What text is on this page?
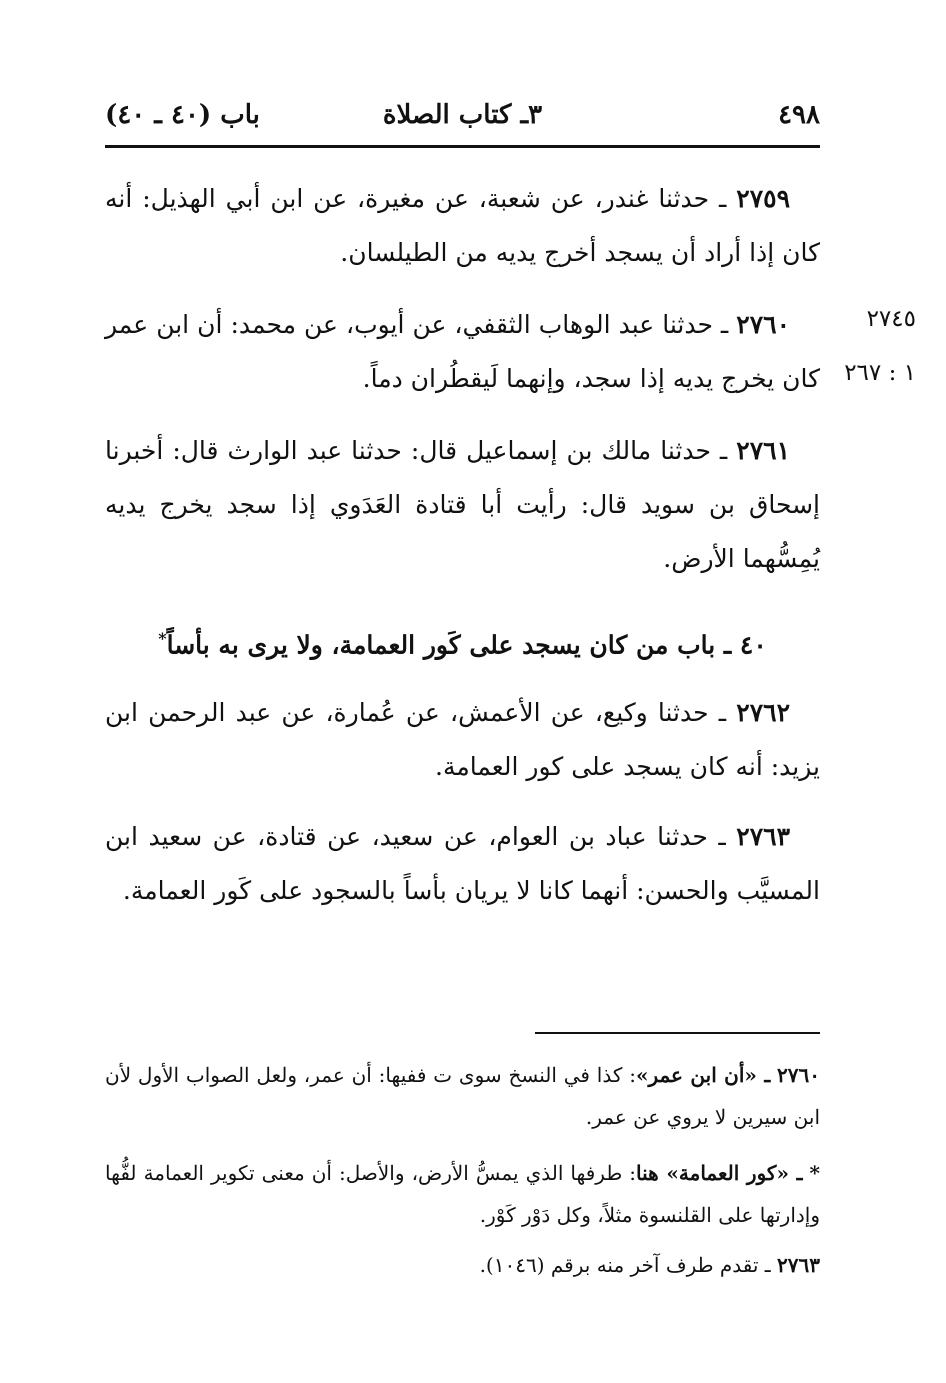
٤٩٨
٣ـ كتاب الصلاة
باب (٤٠ ـ ٤٠)
٢٧٥٩ ـ حدثنا غندر، عن شعبة، عن مغيرة، عن ابن أبي الهذيل: أنه كان إذا أراد أن يسجد أخرج يديه من الطيلسان.
٢٧٤٥
١ : ٢٦٧
٢٧٦٠ ـ حدثنا عبد الوهاب الثقفي، عن أيوب، عن محمد: أن ابن عمر كان يخرج يديه إذا سجد، وإنهما لَيقطُران دماً.
٢٧٦١ ـ حدثنا مالك بن إسماعيل قال: حدثنا عبد الوارث قال: أخبرنا إسحاق بن سويد قال: رأيت أبا قتادة العَدَوي إذا سجد يخرج يديه يُمِسُّهما الأرض.
٤٠ ـ باب من كان يسجد على كَور العمامة، ولا يرى به بأساً*
٢٧٦٢ ـ حدثنا وكيع، عن الأعمش، عن عُمارة، عن عبد الرحمن ابن يزيد: أنه كان يسجد على كور العمامة.
٢٧٦٣ ـ حدثنا عباد بن العوام، عن سعيد، عن قتادة، عن سعيد ابن المسيَّب والحسن: أنهما كانا لا يريان بأساً بالسجود على كَور العمامة.
٢٧٦٠ ـ «أن ابن عمر»: كذا في النسخ سوى ت ففيها: أن عمر، ولعل الصواب الأول لأن ابن سيرين لا يروي عن عمر.
* ـ «كور العمامة» هنا: طرفها الذي يمسُّ الأرض، والأصل: أن معنى تكوير العمامة لفُّها وإدارتها على القلنسوة مثلاً، وكل دَوْر كَوْر.
٢٧٦٣ ـ تقدم طرف آخر منه برقم (١٠٤٦).
